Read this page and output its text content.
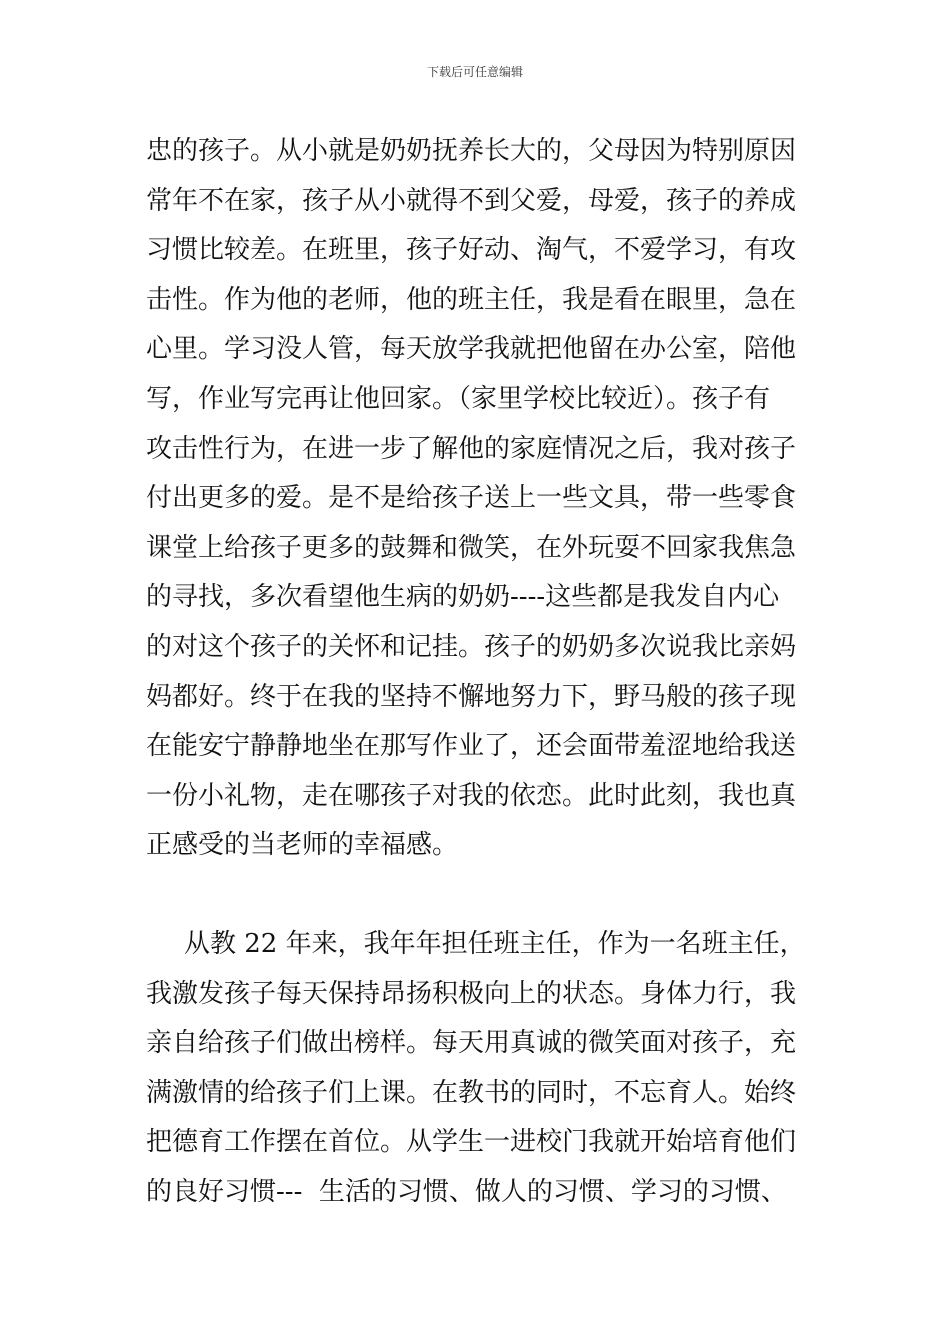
下载后可任意编辑
忠的孩子。从小就是奶奶抚养长大的，父母因为特别原因
常年不在家，孩子从小就得不到父爱，母爱，孩子的养成
习惯比较差。在班里，孩子好动、淘气，不爱学习，有攻
击性。作为他的老师，他的班主任，我是看在眼里，急在
心里。学习没人管，每天放学我就把他留在办公室，陪他
写，作业写完再让他回家。（家里学校比较近）。孩子有
攻击性行为，在进一步了解他的家庭情况之后，我对孩子
付出更多的爱。是不是给孩子送上一些文具，带一些零食
课堂上给孩子更多的鼓舞和微笑，在外玩耍不回家我焦急
的寻找，多次看望他生病的奶奶----这些都是我发自内心
的对这个孩子的关怀和记挂。孩子的奶奶多次说我比亲妈
妈都好。终于在我的坚持不懈地努力下，野马般的孩子现
在能安宁静静地坐在那写作业了，还会面带羞涩地给我送
一份小礼物，走在哪孩子对我的依恋。此时此刻，我也真
正感受的当老师的幸福感。
从教 22 年来，我年年担任班主任，作为一名班主任，
我激发孩子每天保持昂扬积极向上的状态。身体力行，我
亲自给孩子们做出榜样。每天用真诚的微笑面对孩子，充
满激情的给孩子们上课。在教书的同时，不忘育人。始终
把德育工作摆在首位。从学生一进校门我就开始培育他们
的良好习惯---  生活的习惯、做人的习惯、学习的习惯、
